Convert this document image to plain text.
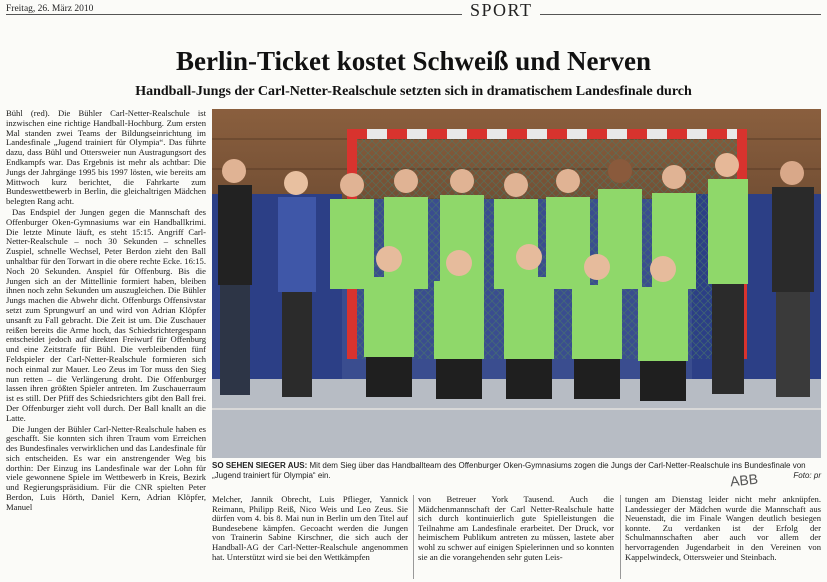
Freitag, 26. März 2010	SPORT
Berlin-Ticket kostet Schweiß und Nerven
Handball-Jungs der Carl-Netter-Realschule setzten sich in dramatischem Landesfinale durch

Bühl (red). Die Bühler Carl-Netter-Realschule ist inzwischen eine richtige Handball-Hochburg. Zum ersten Mal standen zwei Teams der Bildungseinrichtung im Landesfinale „Jugend trainiert für Olympia“. Das führte dazu, dass Bühl und Ottersweier nun Austragungsort des Endkampfs war. Das Ergebnis ist mehr als achtbar: Die Jungs der Jahrgänge 1995 bis 1997 lösten, wie bereits am Mittwoch kurz berichtet, die Fahrkarte zum Bundeswettbewerb in Berlin, die gleichaltrigen Mädchen belegten Rang acht.

Das Endspiel der Jungen gegen die Mannschaft des Offenburger Oken-Gymnasiums war ein Handballkrimi. Die letzte Minute läuft, es steht 15:15. Angriff Carl-Netter-Realschule – noch 30 Sekunden – schnelles Zuspiel, schnelle Wechsel, Peter Berdon zieht den Ball unhaltbar für den Torwart in die obere rechte Ecke. 16:15. Noch 20 Sekunden. Anspiel für Offenburg. Bis die Jungen sich an der Mittellinie formiert haben, bleiben ihnen noch zehn Sekunden um auszugleichen. Die Bühler Jungs machen die Abwehr dicht. Offenburgs Offensivstar setzt zum Sprungwurf an und wird von Adrian Klöpfer unsanft zu Fall gebracht. Die Zeit ist um. Die Zuschauer reißen bereits die Arme hoch, das Schiedsrichtergespann entscheidet jedoch auf direkten Freiwurf für Offenburg und eine Zeitstrafe für Bühl. Die verbleibenden fünf Feldspieler der Carl-Netter-Realschule formieren sich noch einmal zur Mauer. Leo Zeus im Tor muss den Sieg nun retten – die Verlängerung droht. Die Offenburger lassen ihren größten Spieler antreten. Im Zuschauerraum ist es still. Der Pfiff des Schiedsrichters gibt den Ball frei. Der Offenburger zieht voll durch. Der Ball knallt an die Latte.

Die Jungen der Bühler Carl-Netter-Realschule haben es geschafft. Sie konnten sich ihren Traum vom Erreichen des Bundesfinales verwirklichen und das Landesfinale für sich entscheiden. Es war ein anstrengender Weg bis dorthin: Der Einzug ins Landesfinale war der Lohn für viele gewonnene Spiele im Wettbewerb in Kreis, Bezirk und Regierungspräsidium. Für die CNR spielten Peter Berdon, Luis Hörth, Daniel Kern, Adrian Klöpfer, Manuel

SO SEHEN SIEGER AUS: Mit dem Sieg über das Handballteam des Offenburger Oken-Gymnasiums zogen die Jungs der Carl-Netter-Realschule ins Bundesfinale von „Jugend trainiert für Olympia“ ein.	Foto: pr
ABB
Melcher, Jannik Obrecht, Luis Pflieger, Yannick Reimann, Philipp Reiß, Nico Weis und Leo Zeus. Sie dürfen vom 4. bis 8. Mai nun in Berlin um den Titel auf Bundesebene kämpfen. Gecoacht werden die Jungen von Trainerin Sabine Kirschner, die sich auch der Handball-AG der Carl-Netter-Realschule angenommen hat. Unterstützt wird sie bei den Wettkämpfen
von Betreuer York Tausend. Auch die Mädchenmannschaft der Carl Netter-Realschule hatte sich durch kontinuierlich gute Spielleistungen die Teilnahme am Landesfinale erarbeitet. Der Druck, vor heimischem Publikum antreten zu müssen, lastete aber wohl zu schwer auf einigen Spielerinnen und so konnten sie an die vorangehenden sehr guten Leis-
tungen am Dienstag leider nicht mehr anknüpfen. Landessieger der Mädchen wurde die Mannschaft aus Neuenstadt, die im Finale Wangen deutlich besiegen konnte. Zu verdanken ist der Erfolg der Schulmannschaften aber auch vor allem der hervorragenden Jugendarbeit in den Vereinen von Kappelwindeck, Ottersweier und Steinbach.
